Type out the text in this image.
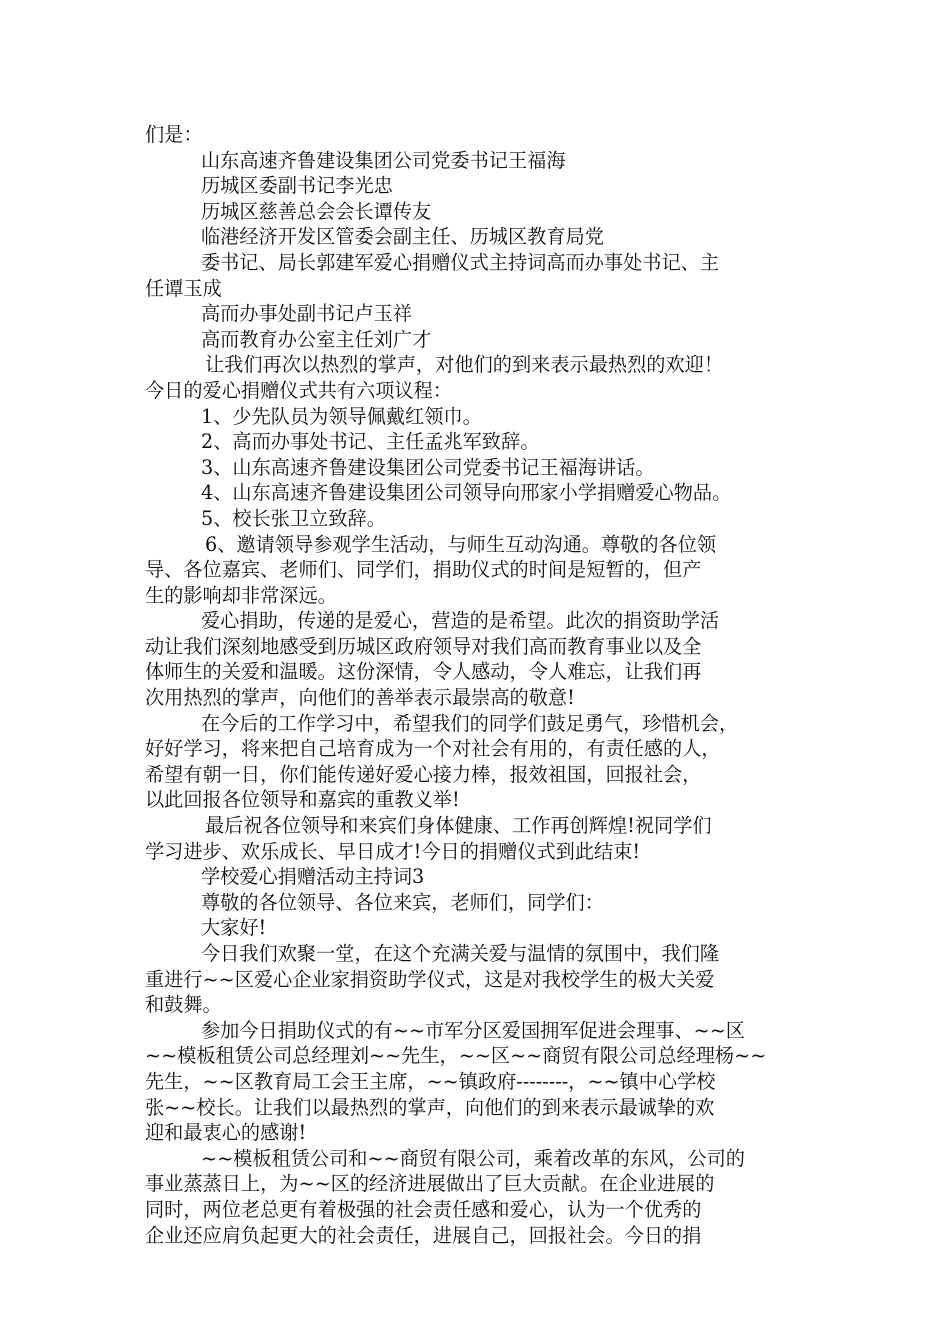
们是：
山东高速齐鲁建设集团公司党委书记王福海
历城区委副书记李光忠
历城区慈善总会会长谭传友
临港经济开发区管委会副主任、历城区教育局党
委书记、局长郭建军爱心捐赠仪式主持词高而办事处书记、主
任谭玉成
高而办事处副书记卢玉祥
高而教育办公室主任刘广才
让我们再次以热烈的掌声，对他们的到来表示最热烈的欢迎！
今日的爱心捐赠仪式共有六项议程：
1、少先队员为领导佩戴红领巾。
2、高而办事处书记、主任孟兆军致辞。
3、山东高速齐鲁建设集团公司党委书记王福海讲话。
4、山东高速齐鲁建设集团公司领导向邢家小学捐赠爱心物品。
5、校长张卫立致辞。
6、邀请领导参观学生活动，与师生互动沟通。尊敬的各位领
导、各位嘉宾、老师们、同学们，捐助仪式的时间是短暂的，但产
生的影响却非常深远。
爱心捐助，传递的是爱心，营造的是希望。此次的捐资助学活
动让我们深刻地感受到历城区政府领导对我们高而教育事业以及全
体师生的关爱和温暖。这份深情，令人感动，令人难忘，让我们再
次用热烈的掌声，向他们的善举表示最崇高的敬意!
在今后的工作学习中，希望我们的同学们鼓足勇气，珍惜机会，
好好学习，将来把自己培育成为一个对社会有用的，有责任感的人，
希望有朝一日，你们能传递好爱心接力棒，报效祖国，回报社会，
以此回报各位领导和嘉宾的重教义举!
最后祝各位领导和来宾们身体健康、工作再创辉煌!祝同学们
学习进步、欢乐成长、早日成才!今日的捐赠仪式到此结束!
学校爱心捐赠活动主持词3
尊敬的各位领导、各位来宾，老师们，同学们：
大家好!
今日我们欢聚一堂，在这个充满关爱与温情的氛围中，我们隆
重进行~~区爱心企业家捐资助学仪式，这是对我校学生的极大关爱
和鼓舞。
参加今日捐助仪式的有~~市军分区爱国拥军促进会理事、~~区
~~模板租赁公司总经理刘~~先生，~~区~~商贸有限公司总经理杨~~
先生，~~区教育局工会王主席，~~镇政府--------，~~镇中心学校
张~~校长。让我们以最热烈的掌声，向他们的到来表示最诚挚的欢
迎和最衷心的感谢!
~~模板租赁公司和~~商贸有限公司，乘着改革的东风，公司的
事业蒸蒸日上，为~~区的经济进展做出了巨大贡献。在企业进展的
同时，两位老总更有着极强的社会责任感和爱心，认为一个优秀的
企业还应肩负起更大的社会责任，进展自己，回报社会。今日的捐
